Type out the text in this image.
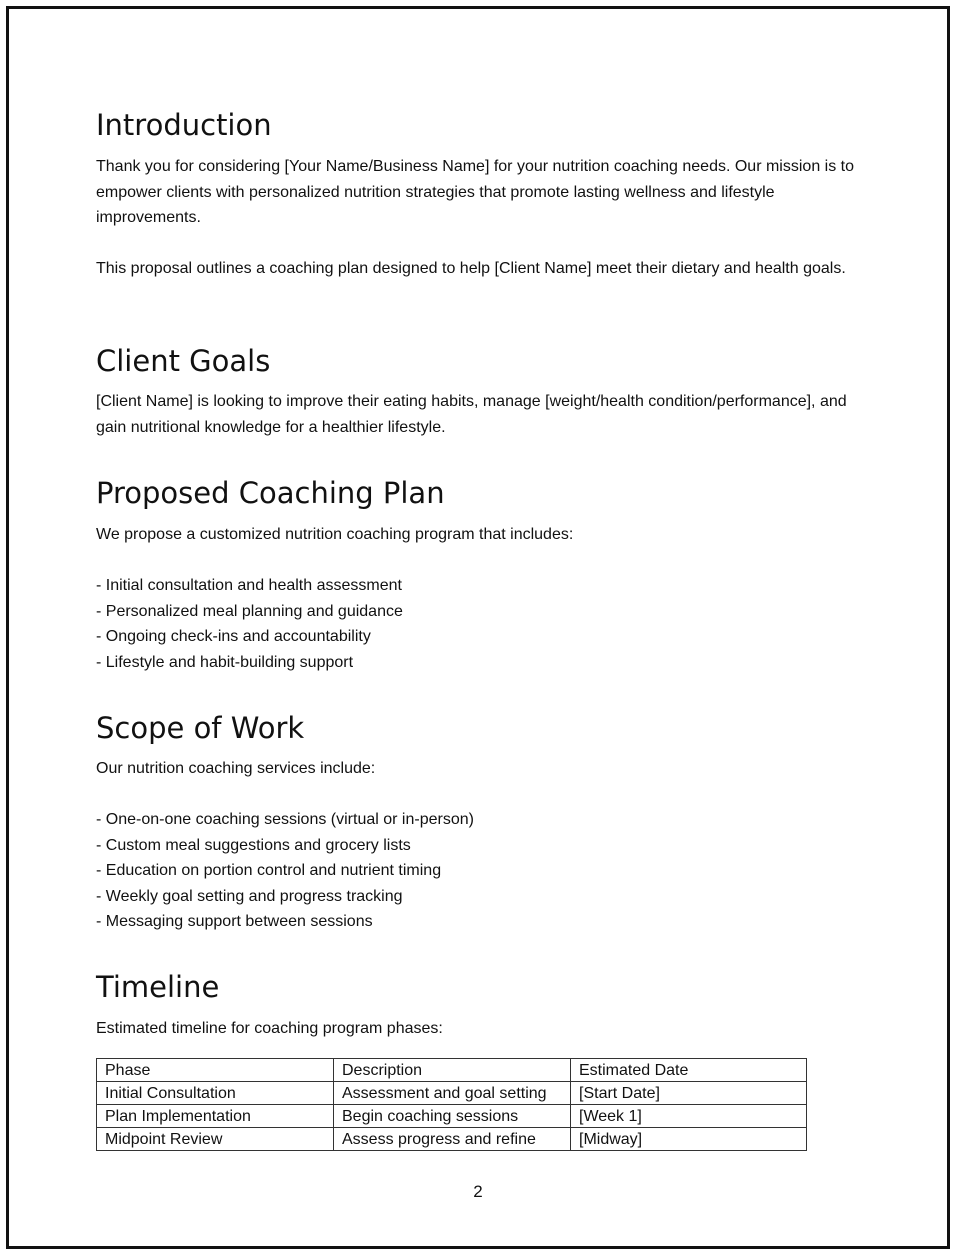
Introduction

Thank you for considering [Your Name/Business Name] for your nutrition coaching needs. Our mission is to empower clients with personalized nutrition strategies that promote lasting wellness and lifestyle improvements.

This proposal outlines a coaching plan designed to help [Client Name] meet their dietary and health goals.

Client Goals

[Client Name] is looking to improve their eating habits, manage [weight/health condition/performance], and gain nutritional knowledge for a healthier lifestyle.

Proposed Coaching Plan

We propose a customized nutrition coaching program that includes:

- Initial consultation and health assessment
- Personalized meal planning and guidance
- Ongoing check-ins and accountability
- Lifestyle and habit-building support
Scope of Work

Our nutrition coaching services include:

- One-on-one coaching sessions (virtual or in-person)
- Custom meal suggestions and grocery lists
- Education on portion control and nutrient timing
- Weekly goal setting and progress tracking
- Messaging support between sessions
Timeline

Estimated timeline for coaching program phases:

Phase	Description	Estimated Date
Initial Consultation	Assessment and goal setting	[Start Date]
Plan Implementation	Begin coaching sessions	[Week 1]
Midpoint Review	Assess progress and refine	[Midway]
2
